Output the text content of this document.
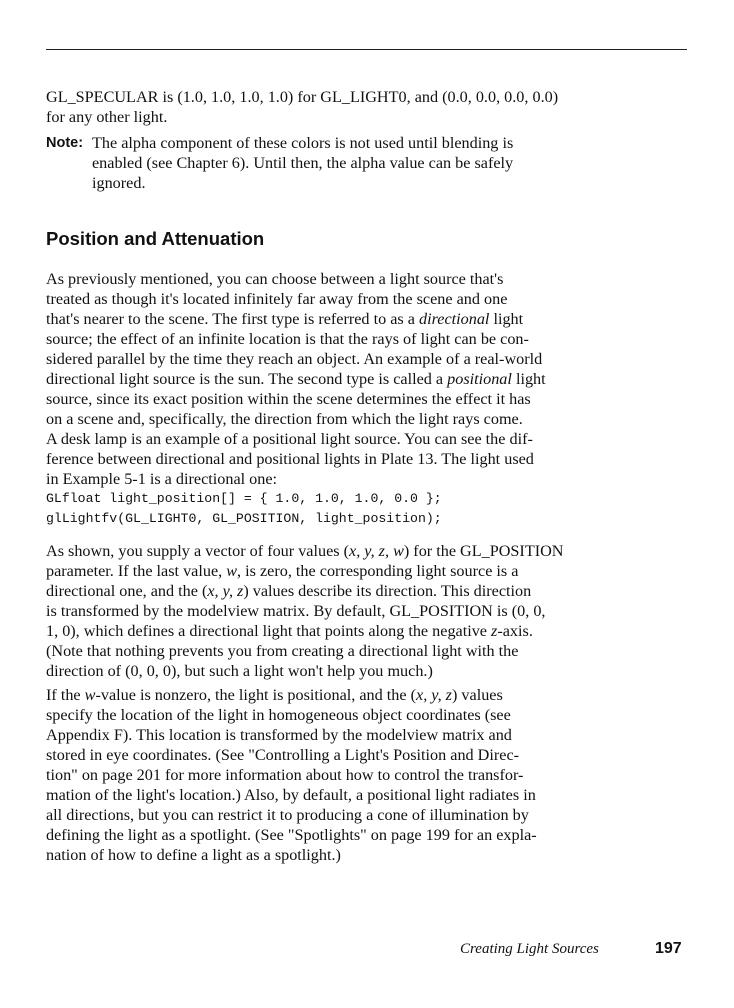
GL_SPECULAR is (1.0, 1.0, 1.0, 1.0) for GL_LIGHT0, and (0.0, 0.0, 0.0, 0.0)
for any other light.

Note: The alpha component of these colors is not used until blending is
enabled (see Chapter 6). Until then, the alpha value can be safely
ignored.

Position and Attenuation

As previously mentioned, you can choose between a light source that's
treated as though it's located infinitely far away from the scene and one
that's nearer to the scene. The first type is referred to as a directional light
source; the effect of an infinite location is that the rays of light can be con-
sidered parallel by the time they reach an object. An example of a real-world
directional light source is the sun. The second type is called a positional light
source, since its exact position within the scene determines the effect it has
on a scene and, specifically, the direction from which the light rays come.
A desk lamp is an example of a positional light source. You can see the dif-
ference between directional and positional lights in Plate 13. The light used
in Example 5-1 is a directional one:

GLfloat light_position[] = { 1.0, 1.0, 1.0, 0.0 };
glLightfv(GL_LIGHT0, GL_POSITION, light_position);

As shown, you supply a vector of four values (x, y, z, w) for the GL_POSITION
parameter. If the last value, w, is zero, the corresponding light source is a
directional one, and the (x, y, z) values describe its direction. This direction
is transformed by the modelview matrix. By default, GL_POSITION is (0, 0,
1, 0), which defines a directional light that points along the negative z-axis.
(Note that nothing prevents you from creating a directional light with the
direction of (0, 0, 0), but such a light won't help you much.)

If the w-value is nonzero, the light is positional, and the (x, y, z) values
specify the location of the light in homogeneous object coordinates (see
Appendix F). This location is transformed by the modelview matrix and
stored in eye coordinates. (See "Controlling a Light's Position and Direc-
tion" on page 201 for more information about how to control the transfor-
mation of the light's location.) Also, by default, a positional light radiates in
all directions, but you can restrict it to producing a cone of illumination by
defining the light as a spotlight. (See "Spotlights" on page 199 for an expla-
nation of how to define a light as a spotlight.)

Creating Light Sources	197
